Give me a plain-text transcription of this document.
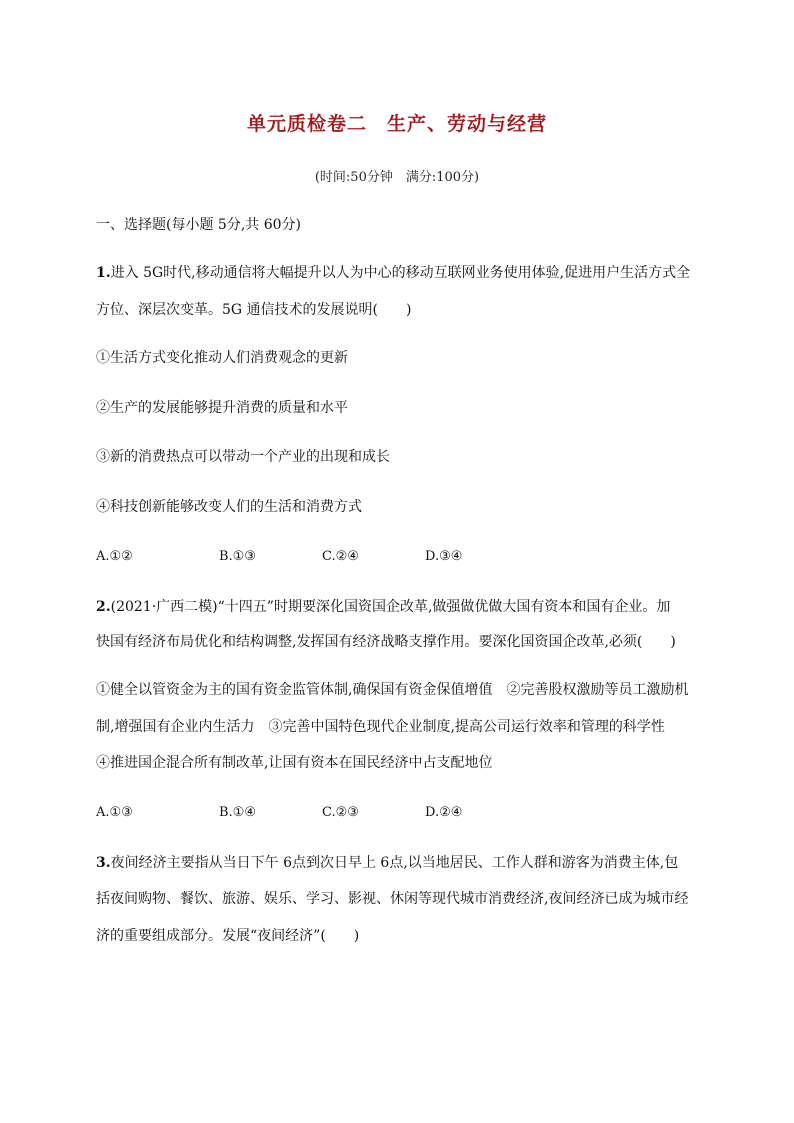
单元质检卷二　生产、劳动与经营
(时间:50分钟　满分:100分)
一、选择题(每小题 5分,共 60分)
1.进入 5G时代,移动通信将大幅提升以人为中心的移动互联网业务使用体验,促进用户生活方式全
方位、深层次变革。5G 通信技术的发展说明(　　)
①生活方式变化推动人们消费观念的更新
②生产的发展能够提升消费的质量和水平
③新的消费热点可以带动一个产业的出现和成长
④科技创新能够改变人们的生活和消费方式
A.①②	B.①③	C.②④	D.③④
2.(2021·广西二模)“十四五”时期要深化国资国企改革,做强做优做大国有资本和国有企业。加
快国有经济布局优化和结构调整,发挥国有经济战略支撑作用。要深化国资国企改革,必须(　　)
①健全以管资金为主的国有资金监管体制,确保国有资金保值增值　②完善股权激励等员工激励机
制,增强国有企业内生活力　③完善中国特色现代企业制度,提高公司运行效率和管理的科学性
④推进国企混合所有制改革,让国有资本在国民经济中占支配地位
A.①③	B.①④	C.②③	D.②④
3.夜间经济主要指从当日下午 6点到次日早上 6点,以当地居民、工作人群和游客为消费主体,包
括夜间购物、餐饮、旅游、娱乐、学习、影视、休闲等现代城市消费经济,夜间经济已成为城市经
济的重要组成部分。发展“夜间经济”(　　)
